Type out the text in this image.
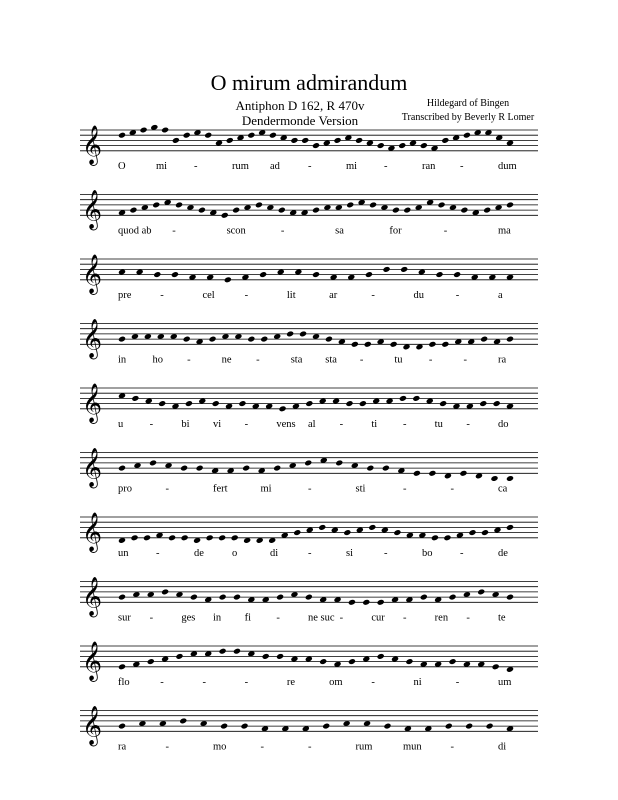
O mirum admirandum
Antiphon D 162, R 470v
Dendermonde Version
Hildegard of Bingen
Transcribed by Beverly R Lomer
𝄞
O	mi	-	rum ad	-	mi	-	ran -	dum
𝄞
quod ab -	scon	-	sa	for	-	ma
𝄞
pre	-	cel	-	lit	ar	-	du	-	a
𝄞
in	ho -	ne -	sta sta -	tu	-	-	ra
𝄞
u	-	bi vi -	vens al -	ti -	tu -	do
𝄞
pro	-	fert	mi	-	sti	-	-	ca
𝄞
un	-	de	o	di	-	si	-	bo	-	de
𝄞
sur -	ges in fi -	ne suc -	cur -	ren -	te
𝄞
flo	-	-	-	re	om	-	ni	-	um
𝄞
ra	-	mo	-	-	rum	mun	-	di
